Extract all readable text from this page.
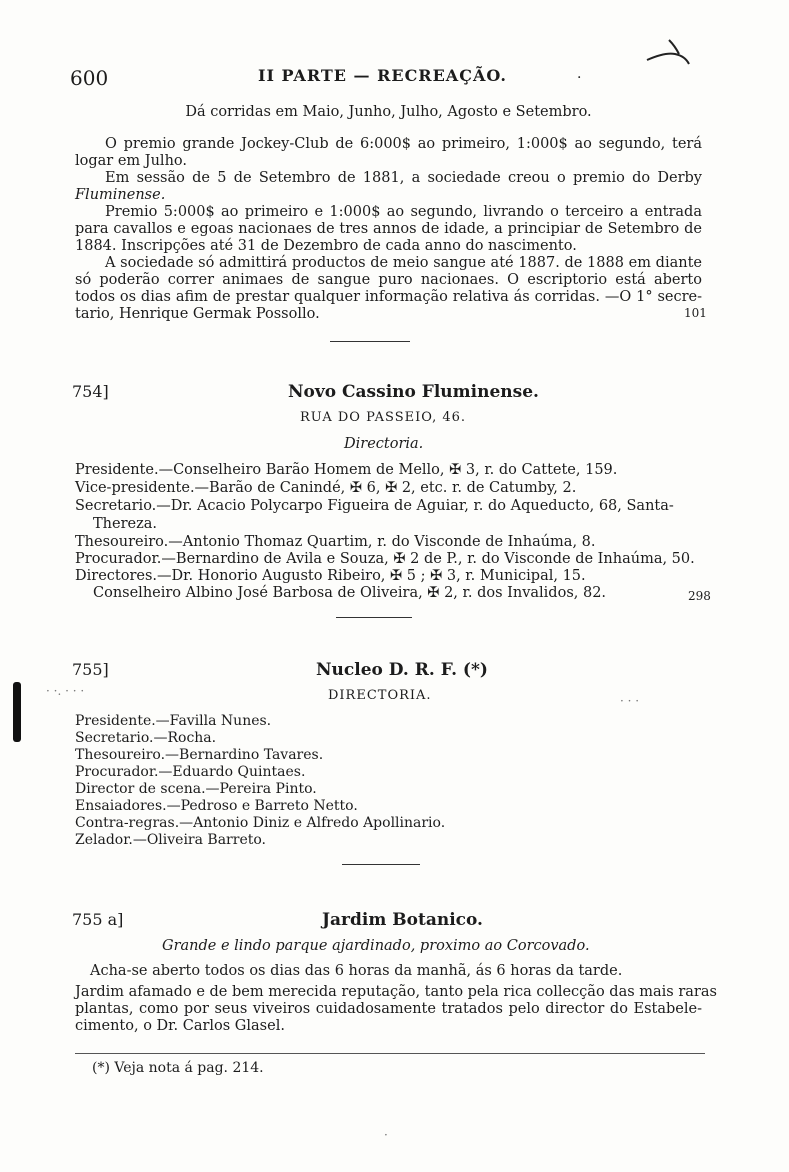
600	II PARTE — RECREAÇÃO.	·
Dá corridas em Maio, Junho, Julho, Agosto e Setembro.
O premio grande Jockey-Club de 6:000$ ao primeiro, 1:000$ ao segundo, terá
logar em Julho.
Em sessão de 5 de Setembro de 1881, a sociedade creou o premio do Derby
Fluminense.
Premio 5:000$ ao primeiro e 1:000$ ao segundo, livrando o terceiro a entrada
para cavallos e egoas nacionaes de tres annos de idade, a principiar de Setembro de
1884. Inscripções até 31 de Dezembro de cada anno do nascimento.
A sociedade só admittirá productos de meio sangue até 1887. de 1888 em diante
só poderão correr animaes de sangue puro nacionaes. O escriptorio está aberto
todos os dias afim de prestar qualquer informação relativa ás corridas. —O 1° secre-
tario, Henrique Germak Possollo.	101
754]	Novo Cassino Fluminense.
RUA DO PASSEIO, 46.
Directoria.
Presidente.—Conselheiro Barão Homem de Mello, ✠ 3, r. do Cattete, 159.
Vice-presidente.—Barão de Canindé, ✠ 6, ✠ 2, etc. r. de Catumby, 2.
Secretario.—Dr. Acacio Polycarpo Figueira de Aguiar, r. do Aqueducto, 68, Santa-
Thereza.
Thesoureiro.—Antonio Thomaz Quartim, r. do Visconde de Inhaúma, 8.
Procurador.—Bernardino de Avila e Souza, ✠ 2 de P., r. do Visconde de Inhaúma, 50.
Directores.—Dr. Honorio Augusto Ribeiro, ✠ 5 ; ✠ 3, r. Municipal, 15.
Conselheiro Albino José Barbosa de Oliveira, ✠ 2, r. dos Invalidos, 82.	298
755]	Nucleo D. R. F. (*)
· ·. · · ·
· · ·
DIRECTORIA.
Presidente.—Favilla Nunes.
Secretario.—Rocha.
Thesoureiro.—Bernardino Tavares.
Procurador.—Eduardo Quintaes.
Director de scena.—Pereira Pinto.
Ensaiadores.—Pedroso e Barreto Netto.
Contra-regras.—Antonio Diniz e Alfredo Apollinario.
Zelador.—Oliveira Barreto.
755 a]	Jardim Botanico.
Grande e lindo parque ajardinado, proximo ao Corcovado.
Acha-se aberto todos os dias das 6 horas da manhã, ás 6 horas da tarde.
Jardim afamado e de bem merecida reputação, tanto pela rica collecção das mais raras
plantas, como por seus viveiros cuidadosamente tratados pelo director do Estabele-
cimento, o Dr. Carlos Glasel.
(*) Veja nota á pag. 214.
·
